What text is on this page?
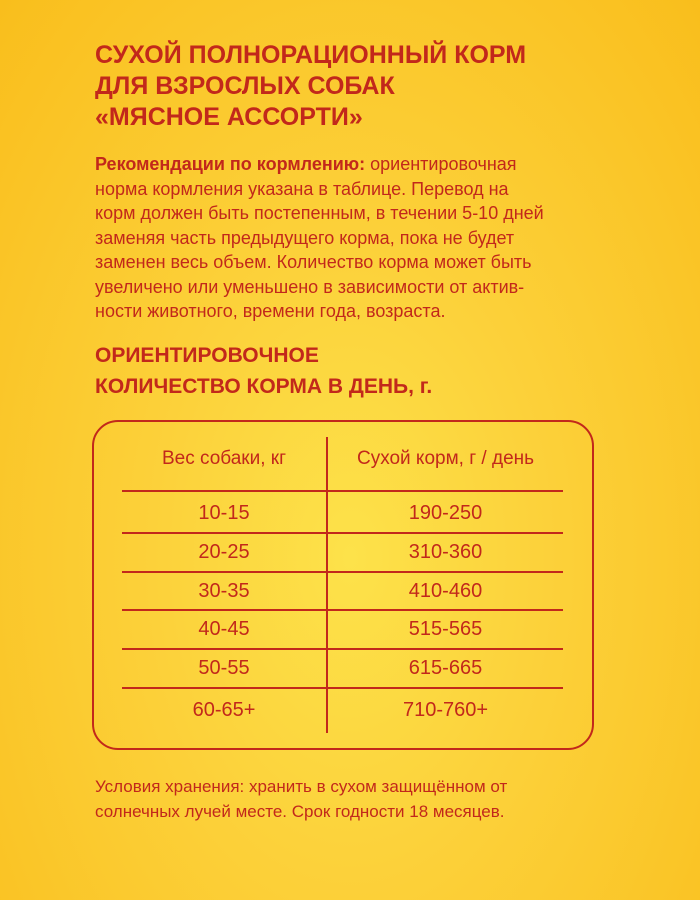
СУХОЙ ПОЛНОРАЦИОННЫЙ КОРМ
ДЛЯ ВЗРОСЛЫХ СОБАК
«МЯСНОЕ АССОРТИ»
Рекомендации по кормлению: ориентировочная
норма кормления указана в таблице. Перевод на
корм должен быть постепенным, в течении 5-10 дней
заменяя часть предыдущего корма, пока не будет
заменен весь объем. Количество корма может быть
увеличено или уменьшено в зависимости от актив-
ности животного, времени года, возраста.
ОРИЕНТИРОВОЧНОЕ
КОЛИЧЕСТВО КОРМА В ДЕНЬ, г.
Вес собаки, кг	Сухой корм, г / день
10-15	190-250
20-25	310-360
30-35	410-460
40-45	515-565
50-55	615-665
60-65+	710-760+
Условия хранения: хранить в сухом защищённом от
солнечных лучей месте. Срок годности 18 месяцев.
